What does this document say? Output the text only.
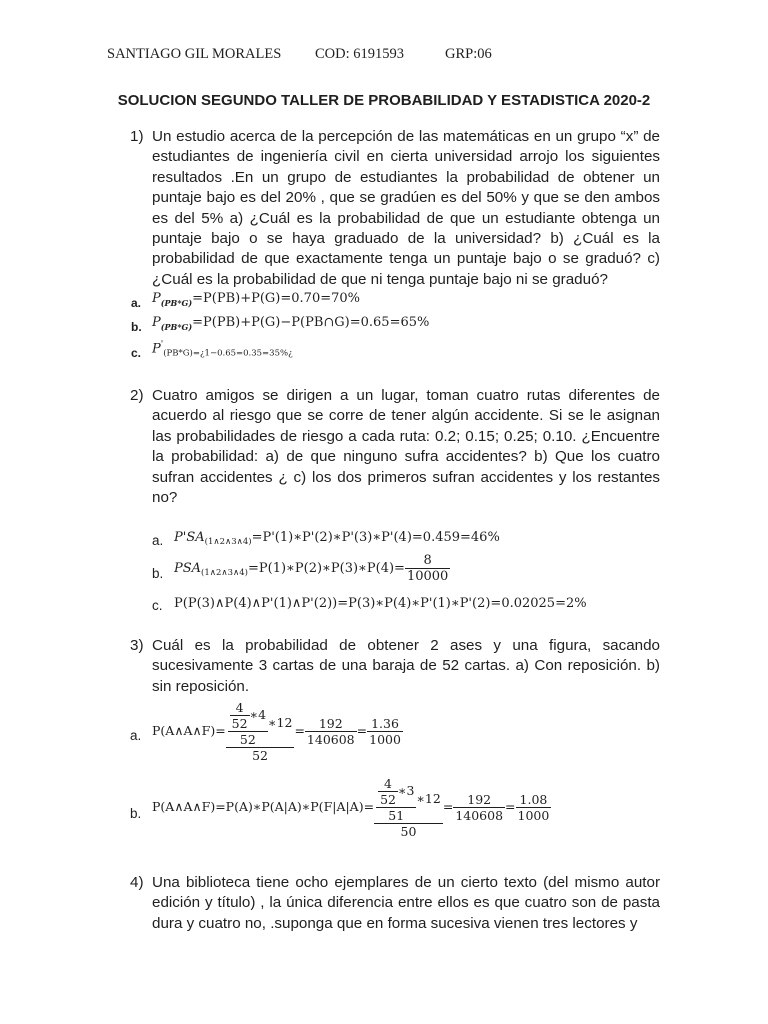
SANTIAGO GIL MORALES COD: 6191593	GRP:06
SOLUCION SEGUNDO TALLER DE PROBABILIDAD Y ESTADISTICA 2020-2
1) Un estudio acerca de la percepción de las matemáticas en un grupo “x” de estudiantes de ingeniería civil en cierta universidad arrojo los siguientes resultados .En un grupo de estudiantes la probabilidad de obtener un puntaje bajo es del 20% , que se gradúen es del 50% y que se den ambos es del 5% a) ¿Cuál es la probabilidad de que un estudiante obtenga un puntaje bajo o se haya graduado de la universidad? b) ¿Cuál es la probabilidad de que exactamente tenga un puntaje bajo o se graduó? c) ¿Cuál es la probabilidad de que ni tenga puntaje bajo ni se graduó?
a. $P_{(PB*G)}=P(PB)+P(G)=0.70=70\%$
b. $P_{(PB*G)}=P(PB)+P(G)-P(PB\cap G)=0.65=65\%$
c. $P'_{(PB*G)=¿1-0.65=0.35=35\%¿}$
2) Cuatro amigos se dirigen a un lugar, toman cuatro rutas diferentes de acuerdo al riesgo que se corre de tener algún accidente. Si se le asignan las probabilidades de riesgo a cada ruta: 0.2; 0.15; 0.25; 0.10. ¿Encuentre la probabilidad: a) de que ninguno sufra accidentes? b) Que los cuatro sufran accidentes ¿ c) los dos primeros sufran accidentes y los restantes no?
a. $P'SA_{(1\wedge 2\wedge 3\wedge 4)}=P'(1)∗P'(2)∗P'(3)∗P'(4)=0.459=46\%$
b. $PSA_{(1\wedge 2\wedge 3\wedge 4)}=P(1)∗P(2)∗P(3)∗P(4)= \frac{8}{10000}$
c. P(P(3)∧P(4)∧P'(1)∧P'(2))=P(3)∗P(4)∗P'(1)∗P'(2)=0.02025=2%
3) Cuál es la probabilidad de obtener 2 ases y una figura, sacando sucesivamente 3 cartas de una baraja de 52 cartas. a) Con reposición. b) sin reposición.
a. P(A∧A∧F)= $\frac{\frac{\frac{4}{52} ∗4}{52} ∗12}{52} = \frac{192}{140608} = \frac{1.36}{1000}$
b. P(A∧A∧F)=P(A)∗P(A|A)∗P(F|A|A)= $\frac{\frac{\frac{4}{52} ∗3}{51} ∗12}{50} = \frac{192}{140608} = \frac{1.08}{1000}$
4) Una biblioteca tiene ocho ejemplares de un cierto texto (del mismo autor edición y título) , la única diferencia entre ellos es que cuatro son de pasta dura y cuatro no, .suponga que en forma sucesiva vienen tres lectores y
